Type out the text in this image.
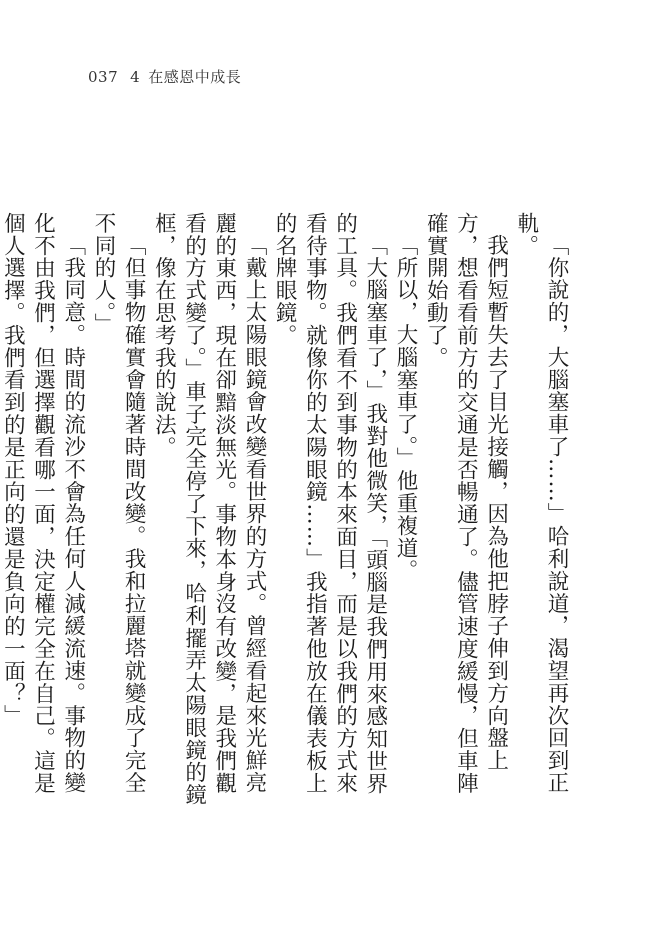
037 4 在感恩中成長

「你說的，大腦塞車了……」哈利說道，渴望再次回到正軌。

我們短暫失去了目光接觸，因為他把脖子伸到方向盤上方，想看看前方的交通是否暢通了。儘管速度緩慢，但車陣確實開始動了。

「所以，大腦塞車了。」他重複道。

「大腦塞車了，」我對他微笑，「頭腦是我們用來感知世界的工具。我們看不到事物的本來面目，而是以我們的方式來看待事物。就像你的太陽眼鏡……」我指著他放在儀表板上的名牌眼鏡。

「戴上太陽眼鏡會改變看世界的方式。曾經看起來光鮮亮麗的東西，現在卻黯淡無光。事物本身沒有改變，是我們觀看的方式變了。」車子完全停了下來，哈利擺弄太陽眼鏡的鏡框，像在思考我的說法。

「但事物確實會隨著時間改變。我和拉麗塔就變成了完全不同的人。」

「我同意。時間的流沙不會為任何人減緩流速。事物的變化不由我們，但選擇觀看哪一面，決定權完全在自己。這是個人選擇。我們看到的是正向的還是負向的一面？」
